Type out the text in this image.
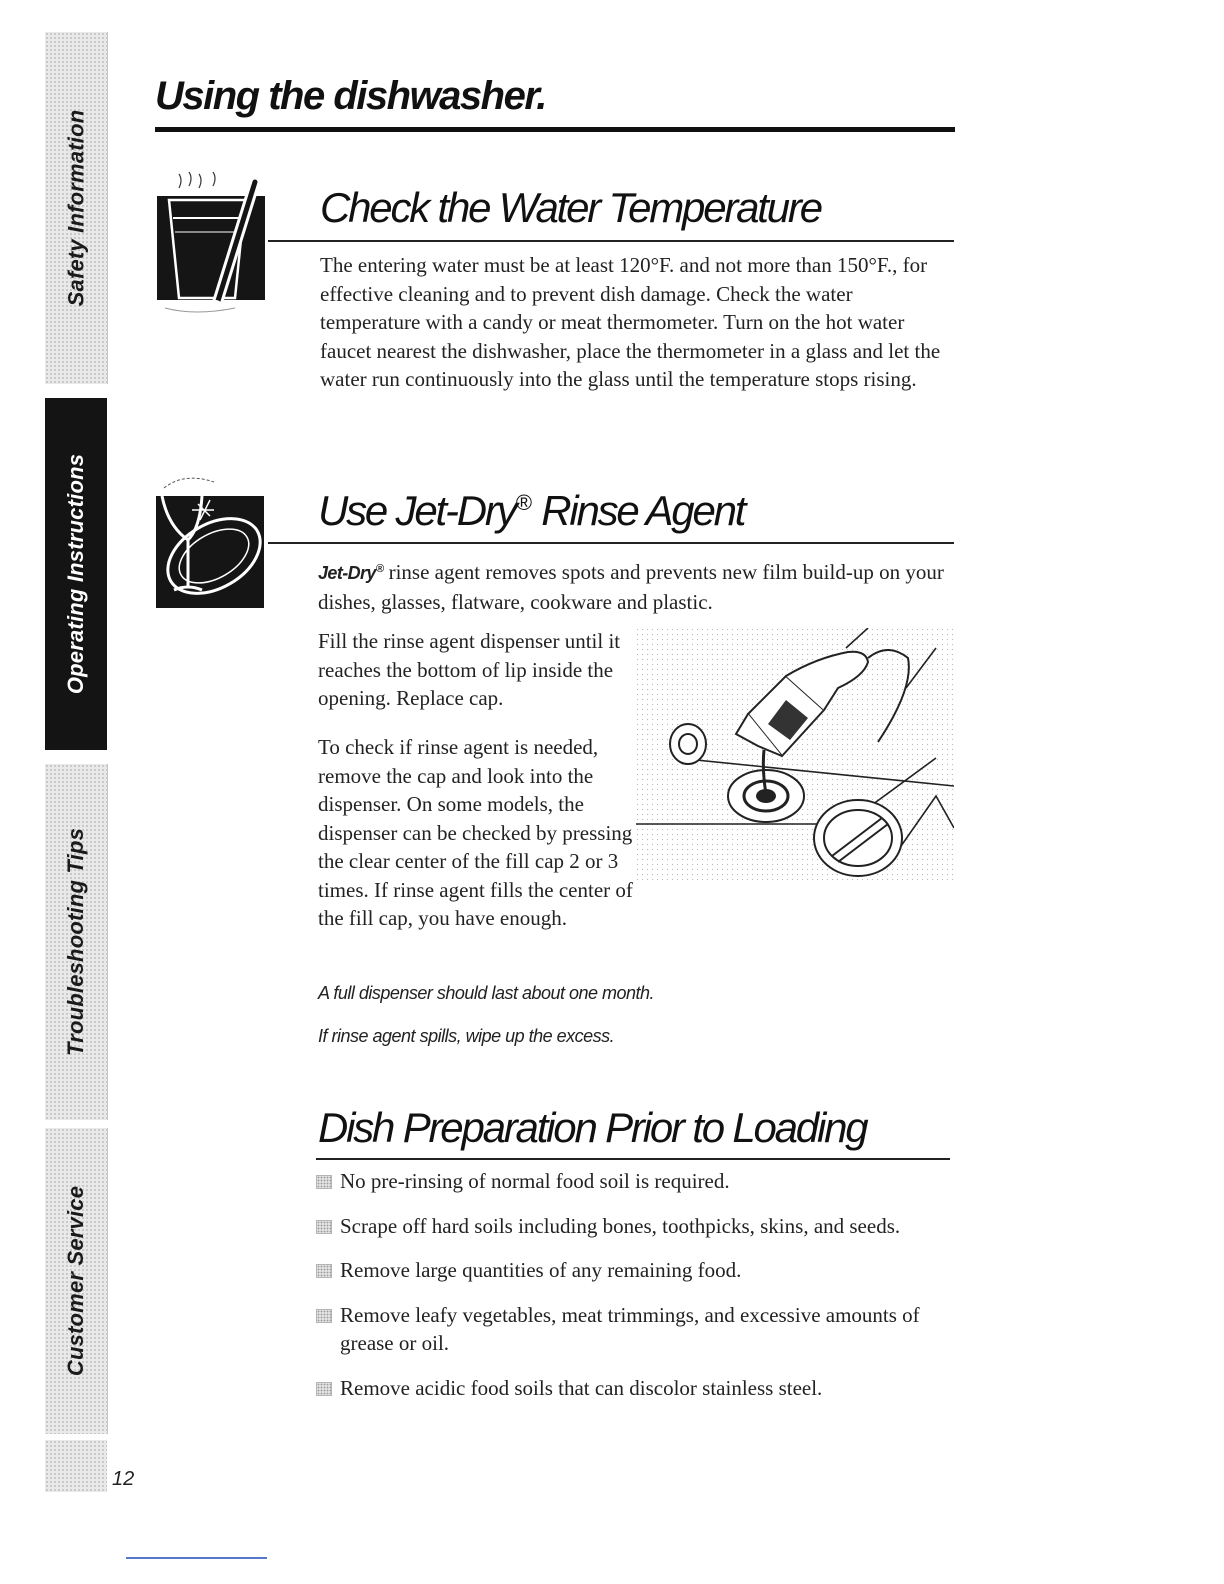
Safety Information
Operating Instructions
Troubleshooting Tips
Customer Service
Using the dishwasher.
Check the Water Temperature

The entering water must be at least 120°F. and not more than 150°F., for effective cleaning and to prevent dish damage. Check the water temperature with a candy or meat thermometer. Turn on the hot water faucet nearest the dishwasher, place the thermometer in a glass and let the water run continuously into the glass until the temperature stops rising.

Use Jet-Dry® Rinse Agent

Jet-Dry® rinse agent removes spots and prevents new film build-up on your dishes, glasses, flatware, cookware and plastic.

Fill the rinse agent dispenser until it reaches the bottom of lip inside the opening. Replace cap.

To check if rinse agent is needed, remove the cap and look into the dispenser. On some models, the dispenser can be checked by pressing the clear center of the fill cap 2 or 3 times. If rinse agent fills the center of the fill cap, you have enough.

A full dispenser should last about one month.

If rinse agent spills, wipe up the excess.

Dish Preparation Prior to Loading
No pre-rinsing of normal food soil is required.
Scrape off hard soils including bones, toothpicks, skins, and seeds.
Remove large quantities of any remaining food.
Remove leafy vegetables, meat trimmings, and excessive amounts of grease or oil.
Remove acidic food soils that can discolor stainless steel.
12
